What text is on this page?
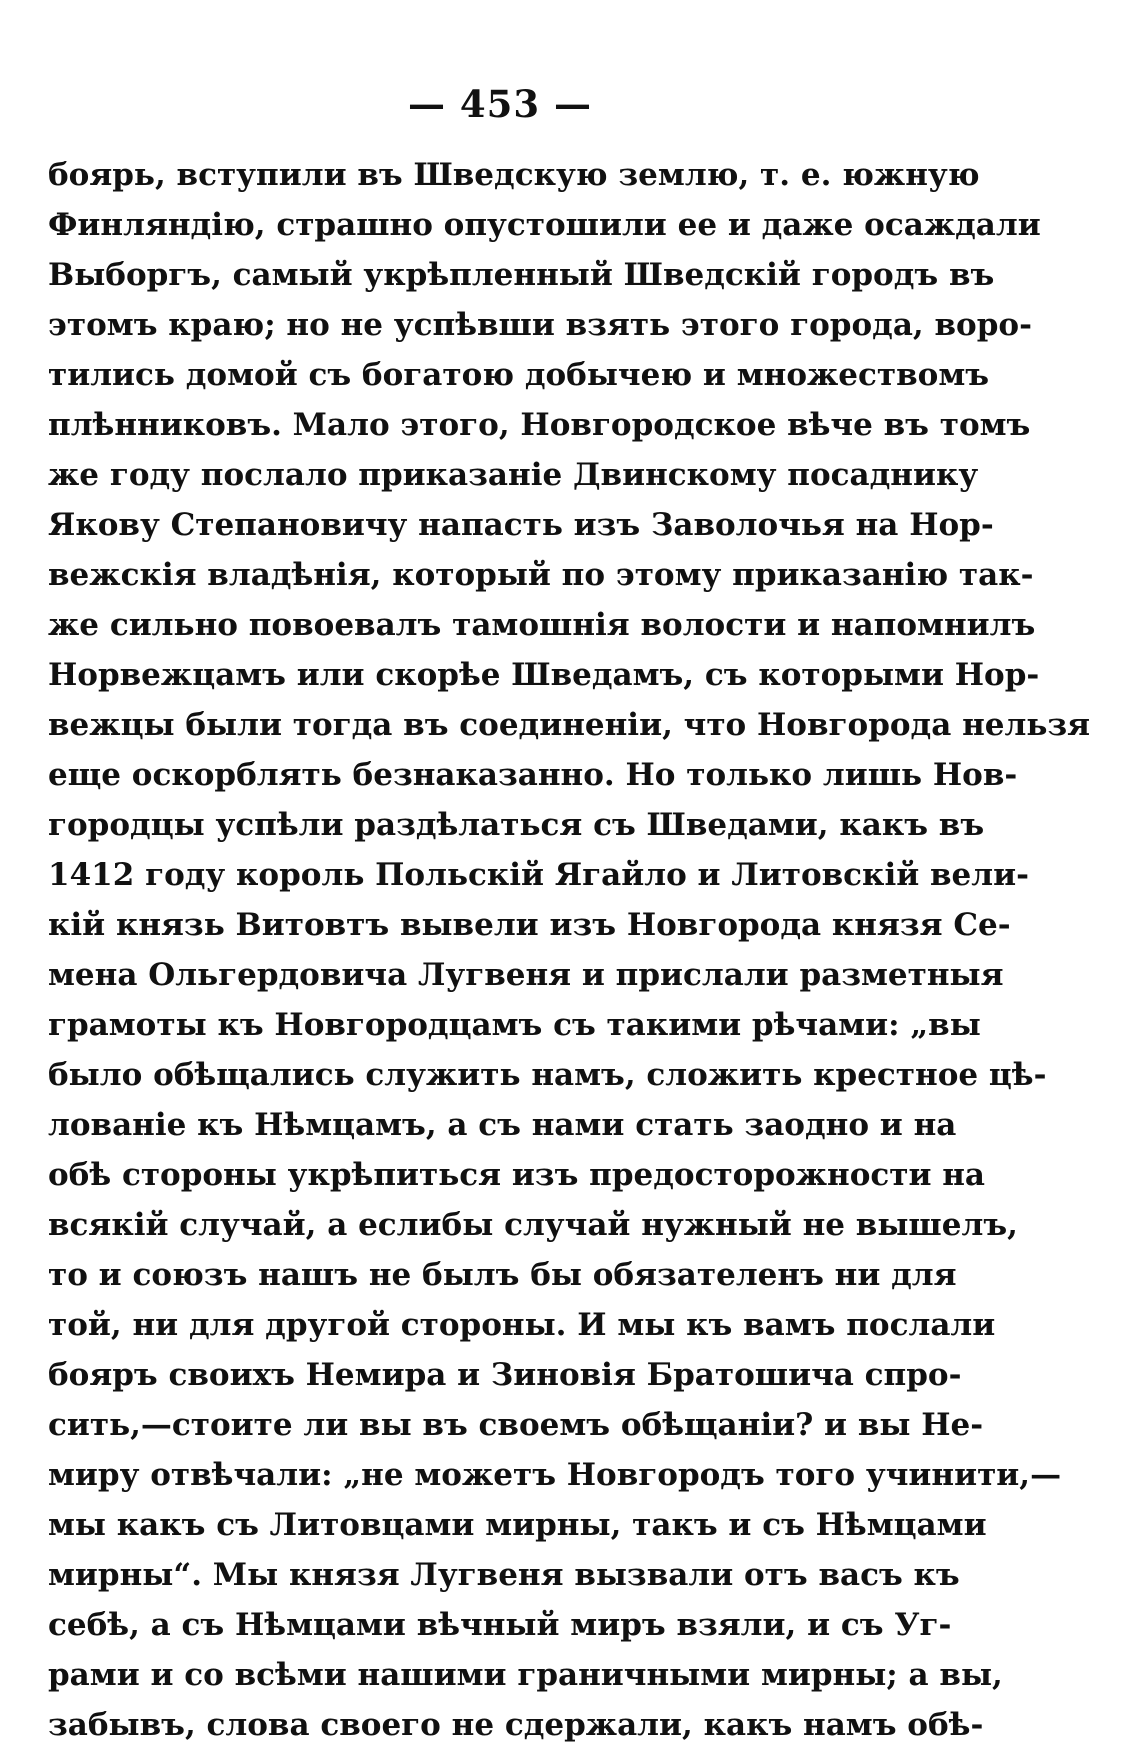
— 453 —
боярь, вступили въ Шведскую землю, т. е. южную
Финляндію, страшно опустошили ее и даже осаждали
Выборгъ, самый укрѣпленный Шведскій городъ въ
этомъ краю; но не успѣвши взять этого города, воро-
тились домой съ богатою добычею и множествомъ
плѣнниковъ. Мало этого, Новгородское вѣче въ томъ
же году послало приказаніе Двинскому посаднику
Якову Степановичу напасть изъ Заволочья на Нор-
вежскія владѣнія, который по этому приказанію так-
же сильно повоевалъ тамошнія волости и напомнилъ
Норвежцамъ или скорѣе Шведамъ, съ которыми Нор-
вежцы были тогда въ соединеніи, что Новгорода нельзя
еще оскорблять безнаказанно. Но только лишь Нов-
городцы успѣли раздѣлаться съ Шведами, какъ въ
1412 году король Польскій Ягайло и Литовскій вели-
кій князь Витовтъ вывели изъ Новгорода князя Се-
мена Ольгердовича Лугвеня и прислали разметныя
грамоты къ Новгородцамъ съ такими рѣчами: „вы
было обѣщались служить намъ, сложить крестное цѣ-
лованіе къ Нѣмцамъ, а съ нами стать заодно и на
обѣ стороны укрѣпиться изъ предосторожности на
всякій случай, а еслибы случай нужный не вышелъ,
то и союзъ нашъ не былъ бы обязателенъ ни для
той, ни для другой стороны. И мы къ вамъ послали
бояръ своихъ Немира и Зиновія Братошича спро-
сить,—стоите ли вы въ своемъ обѣщаніи? и вы Не-
миру отвѣчали: „не можетъ Новгородъ того учинити,—
мы какъ съ Литовцами мирны, такъ и съ Нѣмцами
мирны“. Мы князя Лугвеня вызвали отъ васъ къ
себѣ, а съ Нѣмцами вѣчный миръ взяли, и съ Уг-
рами и со всѣми нашими граничными мирны; а вы,
забывъ, слова своего не сдержали, какъ намъ обѣ-
